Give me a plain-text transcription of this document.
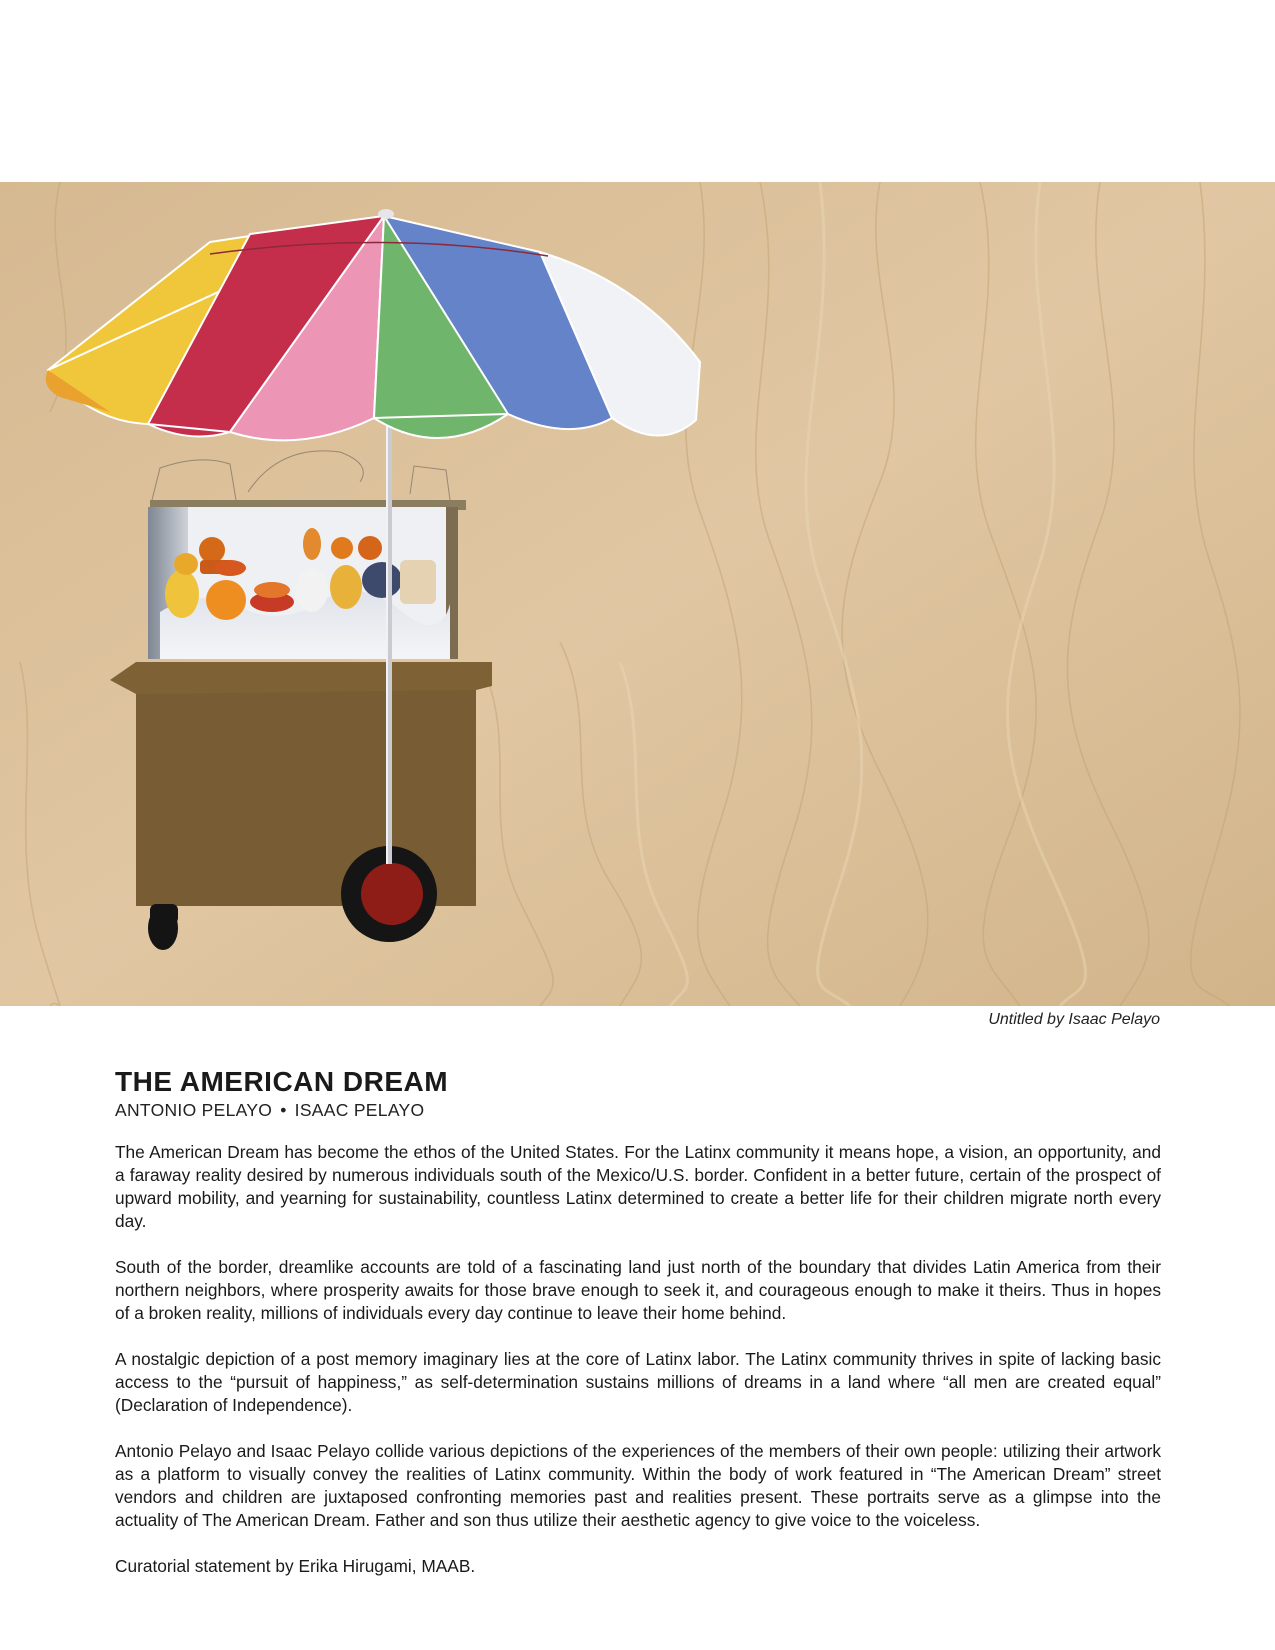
Untitled by Isaac Pelayo
THE AMERICAN DREAM
ANTONIO PELAYO • ISAAC PELAYO

The American Dream has become the ethos of the United States. For the Latinx community it means hope, a vision, an opportunity, and a faraway reality desired by numerous individuals south of the Mexico/U.S. border. Confident in a better future, certain of the prospect of upward mobility, and yearning for sustainability, countless Latinx determined to create a better life for their children migrate north every day.

South of the border, dreamlike accounts are told of a fascinating land just north of the boundary that divides Latin America from their northern neighbors, where prosperity awaits for those brave enough to seek it, and courageous enough to make it theirs. Thus in hopes of a broken reality, millions of individuals every day continue to leave their home behind.

A nostalgic depiction of a post memory imaginary lies at the core of Latinx labor. The Latinx community thrives in spite of lacking basic access to the “pursuit of happiness,” as self-determination sustains millions of dreams in a land where “all men are created equal” (Declaration of Independence).

Antonio Pelayo and Isaac Pelayo collide various depictions of the experiences of the members of their own people: utilizing their artwork as a platform to visually convey the realities of Latinx community. Within the body of work featured in “The American Dream” street vendors and children are juxtaposed confronting memories past and realities present. These portraits serve as a glimpse into the actuality of The American Dream. Father and son thus utilize their aesthetic agency to give voice to the voiceless.

Curatorial statement by Erika Hirugami, MAAB.
